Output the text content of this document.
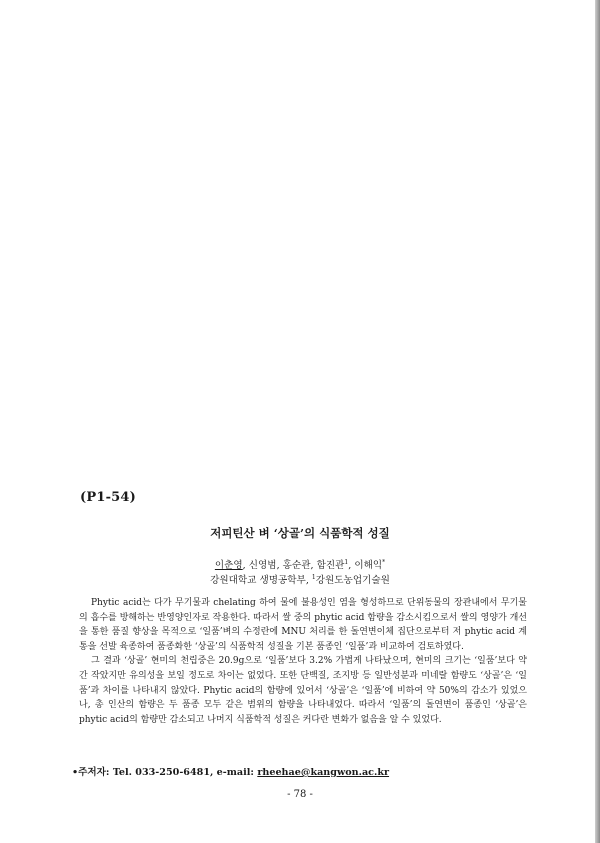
(P1-54)
저피틴산 벼 ‘상골’의 식품학적 성질
이춘영, 신영범, 홍순관, 함진관$^1$, 이해익*
강원대학교 생명공학부, $^1$강원도농업기술원

Phytic acid는 다가 무기물과 chelating 하여 물에 불용성인 염을 형성하므로 단위동물의 장관내에서 무기물의 흡수를 방해하는 반영양인자로 작용한다. 따라서 쌀 중의 phytic acid 함량을 감소시킴으로서 쌀의 영양가 개선을 통한 품질 향상을 목적으로 ‘일품’벼의 수정란에 MNU 처리를 한 돌연변이체 집단으로부터 저 phytic acid 계통을 선발 육종하여 품종화한 ‘상골’의 식품학적 성질을 기본 품종인 ‘일품’과 비교하여 검토하였다.

그 결과 ‘상골’ 현미의 천립중은 20.9g으로 ‘일품’보다 3.2% 가볍게 나타났으며, 현미의 크기는 ‘일품’보다 약간 작았지만 유의성을 보일 정도로 차이는 없었다. 또한 단백질, 조지방 등 일반성분과 미네랄 함량도 ‘상골’은 ‘일품’과 차이를 나타내지 않았다. Phytic acid의 함량에 있어서 ‘상골’은 ‘일품’에 비하여 약 50%의 감소가 있었으나, 총 인산의 함량은 두 품종 모두 같은 범위의 함량을 나타내었다. 따라서 ‘일품’의 돌연변이 품종인 ‘상골’은 phytic acid의 함량만 감소되고 나머지 식품학적 성질은 커다란 변화가 없음을 알 수 있었다.

•주저자: Tel. 033-250-6481, e-mail: rheehae@kangwon.ac.kr
- 78 -
